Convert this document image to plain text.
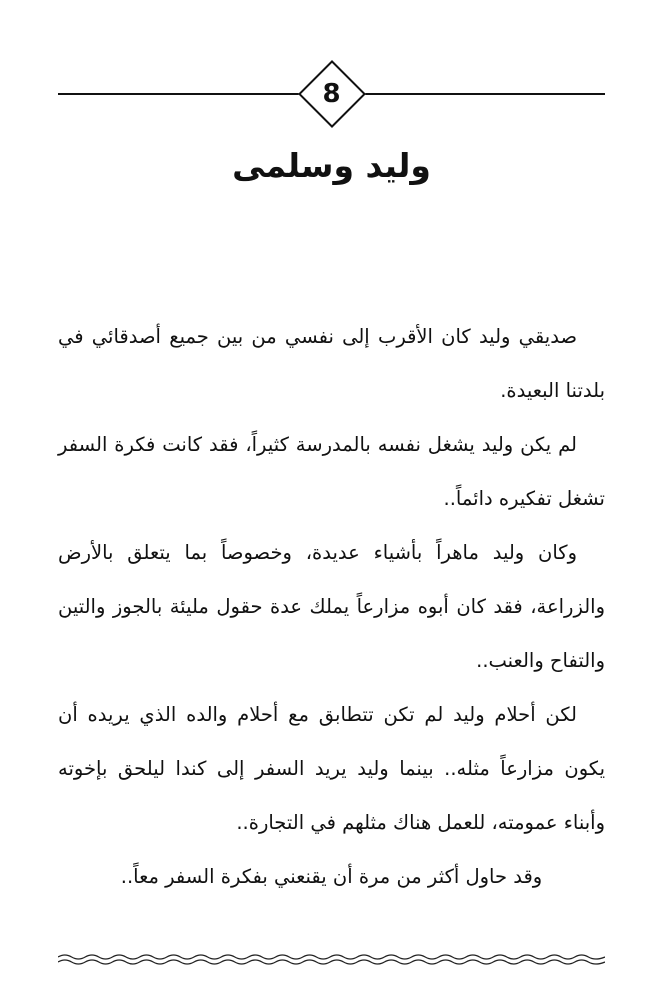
8
وليد وسلمى

صديقي وليد كان الأقرب إلى نفسي من بين جميع أصدقائي في بلدتنا البعيدة.

لم يكن وليد يشغل نفسه بالمدرسة كثيراً، فقد كانت فكرة السفر تشغل تفكيره دائماً..

وكان وليد ماهراً بأشياء عديدة، وخصوصاً بما يتعلق بالأرض والزراعة، فقد كان أبوه مزارعاً يملك عدة حقول مليئة بالجوز والتين والتفاح والعنب..

لكن أحلام وليد لم تكن تتطابق مع أحلام والده الذي يريده أن يكون مزارعاً مثله.. بينما وليد يريد السفر إلى كندا ليلحق بإخوته وأبناء عمومته، للعمل هناك مثلهم في التجارة..

وقد حاول أكثر من مرة أن يقنعني بفكرة السفر معاً..
